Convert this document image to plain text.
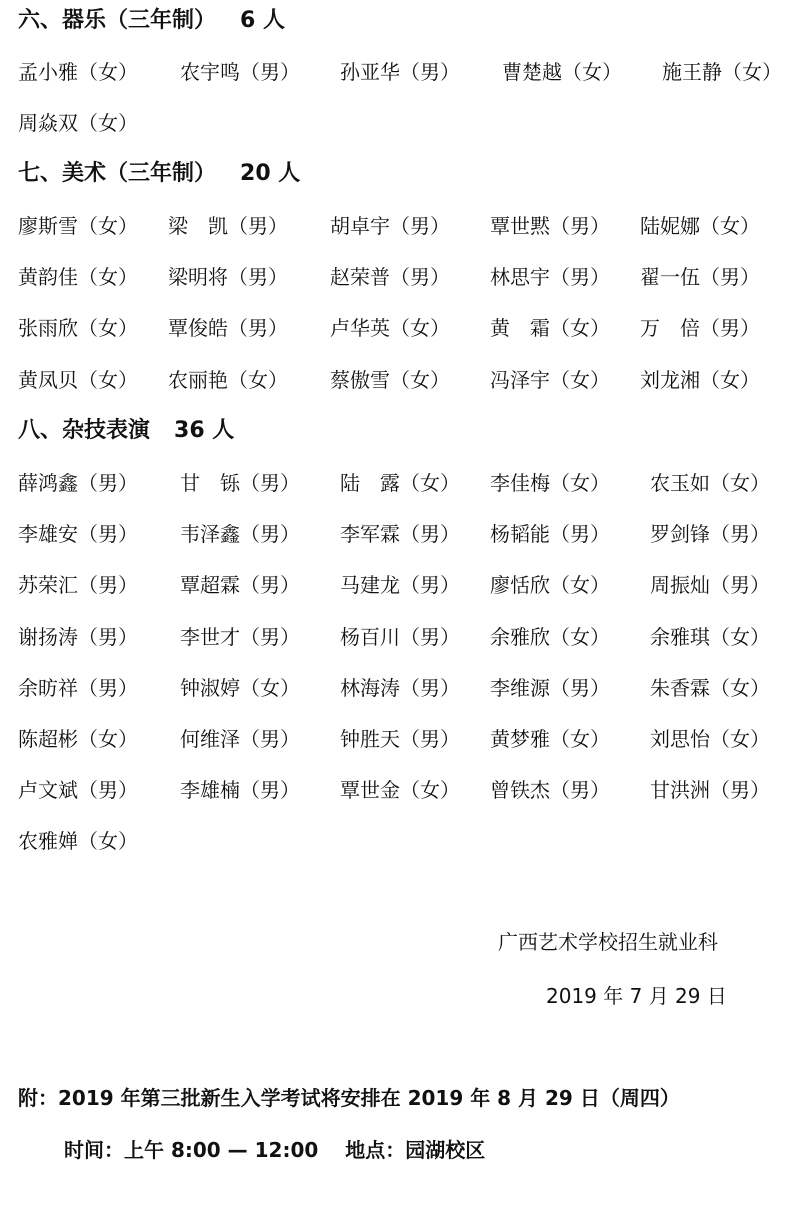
六、器乐（三年制） 6 人
孟小雅（女） 农宇鸣（男） 孙亚华（男） 曹楚越（女） 施王静（女）
周焱双（女）
七、美术（三年制） 20 人
廖斯雪（女） 梁　凯（男） 胡卓宇（男） 覃世黙（男） 陆妮娜（女）
黄韵佳（女） 梁明将（男） 赵荣普（男） 林思宇（男） 翟一伍（男）
张雨欣（女） 覃俊皓（男） 卢华英（女） 黄　霜（女） 万　倍（男）
黄凤贝（女） 农丽艳（女） 蔡傲雪（女） 冯泽宇（女） 刘龙湘（女）
八、杂技表演 36 人
薛鸿鑫（男） 甘　铄（男） 陆　露（女） 李佳梅（女） 农玉如（女）
李雄安（男） 韦泽鑫（男） 李军霖（男） 杨韬能（男） 罗剑锋（男）
苏荣汇（男） 覃超霖（男） 马建龙（男） 廖恬欣（女） 周振灿（男）
谢扬涛（男） 李世才（男） 杨百川（男） 余雅欣（女） 余雅琪（女）
余昉祥（男） 钟淑婷（女） 林海涛（男） 李维源（男） 朱香霖（女）
陈超彬（女） 何维泽（男） 钟胜天（男） 黄梦雅（女） 刘思怡（女）
卢文斌（男） 李雄楠（男） 覃世金（女） 曾铁杰（男） 甘洪洲（男）
农雅婵（女）
广西艺术学校招生就业科
2019 年 7 月 29 日
附：2019 年第三批新生入学考试将安排在 2019 年 8 月 29 日（周四）
时间：上午 8:00 — 12:00　 地点：园湖校区
